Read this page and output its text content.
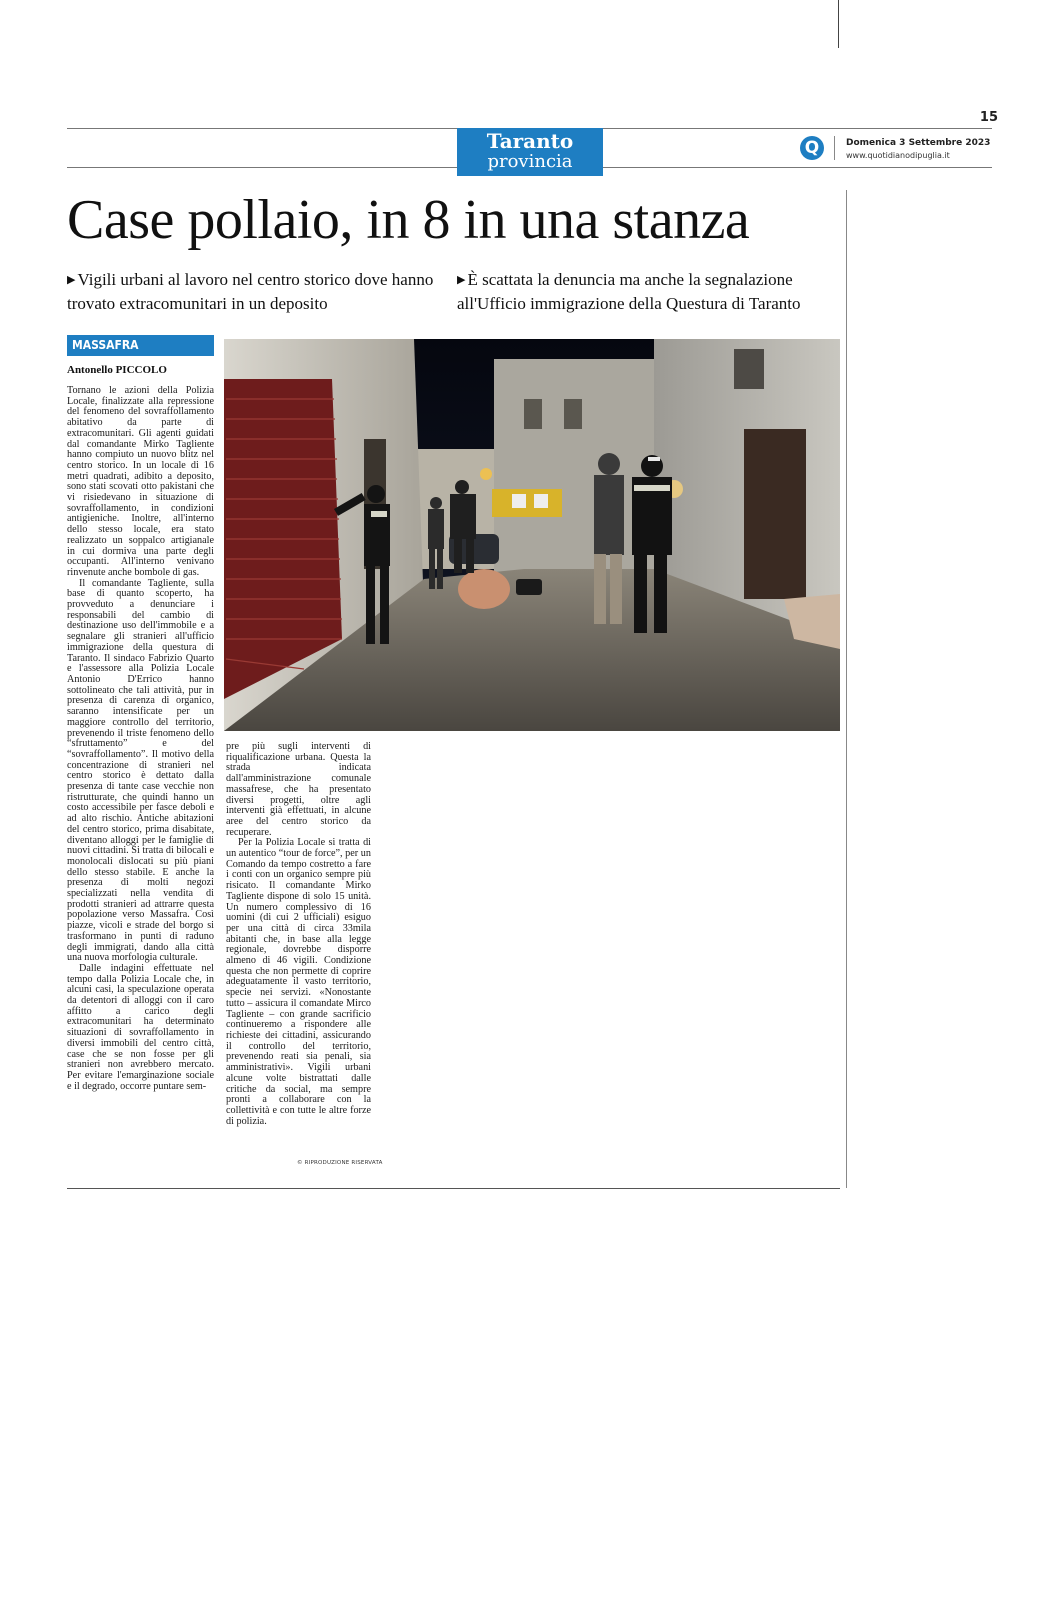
15
Taranto
provincia
Q	Domenica 3 Settembre 2023
www.quotidianodipuglia.it
Case pollaio, in 8 in una stanza
▶ Vigili urbani al lavoro nel centro storico dove hanno trovato extracomunitari in un deposito
▶ È scattata la denuncia ma anche la segnalazione all'Ufficio immigrazione della Questura di Taranto
MASSAFRA
Antonello PICCOLO

Tornano le azioni della Polizia Locale, finalizzate alla repressione del fenomeno del sovraffollamento abitativo da parte di extracomunitari. Gli agenti guidati dal comandante Mirko Tagliente hanno compiuto un nuovo blitz nel centro storico. In un locale di 16 metri quadrati, adibito a deposito, sono stati scovati otto pakistani che vi risiedevano in situazione di sovraffollamento, in condizioni antigieniche. Inoltre, all'interno dello stesso locale, era stato realizzato un soppalco artigianale in cui dormiva una parte degli occupanti. All'interno venivano rinvenute anche bombole di gas.

Il comandante Tagliente, sulla base di quanto scoperto, ha provveduto a denunciare i responsabili del cambio di destinazione uso dell'immobile e a segnalare gli stranieri all'ufficio immigrazione della questura di Taranto. Il sindaco Fabrizio Quarto e l'assessore alla Polizia Locale Antonio D'Errico hanno sottolineato che tali attività, pur in presenza di carenza di organico, saranno intensificate per un maggiore controllo del territorio, prevenendo il triste fenomeno dello “sfruttamento” e del “sovraffollamento”. Il motivo della concentrazione di stranieri nel centro storico è dettato dalla presenza di tante case vecchie non ristrutturate, che quindi hanno un costo accessibile per fasce deboli e ad alto rischio. Antiche abitazioni del centro storico, prima disabitate, diventano alloggi per le famiglie di nuovi cittadini. Si tratta di bilocali e monolocali dislocati su più piani dello stesso stabile. E anche la presenza di molti negozi specializzati nella vendita di prodotti stranieri ad attrarre questa popolazione verso Massafra. Così piazze, vicoli e strade del borgo si trasformano in punti di raduno degli immigrati, dando alla città una nuova morfologia culturale.

Dalle indagini effettuate nel tempo dalla Polizia Locale che, in alcuni casi, la speculazione operata da detentori di alloggi con il caro affitto a carico degli extracomunitari ha determinato situazioni di sovraffollamento in diversi immobili del centro città, case che se non fosse per gli stranieri non avrebbero mercato. Per evitare l'emarginazione sociale e il degrado, occorre puntare sem-

pre più sugli interventi di riqualificazione urbana. Questa la strada indicata dall'amministrazione comunale massafrese, che ha presentato diversi progetti, oltre agli interventi già effettuati, in alcune aree del centro storico da recuperare.

Per la Polizia Locale si tratta di un autentico “tour de force”, per un Comando da tempo costretto a fare i conti con un organico sempre più risicato. Il comandante Mirko Tagliente dispone di solo 15 unità. Un numero complessivo di 16 uomini (di cui 2 ufficiali) esiguo per una città di circa 33mila abitanti che, in base alla legge regionale, dovrebbe disporre almeno di 46 vigili. Condizione questa che non permette di coprire adeguatamente il vasto territorio, specie nei servizi. «Nonostante tutto – assicura il comandate Mirco Tagliente – con grande sacrificio continueremo a rispondere alle richieste dei cittadini, assicurando il controllo del territorio, prevenendo reati sia penali, sia amministrativi». Vigili urbani alcune volte bistrattati dalle critiche da social, ma sempre pronti a collaborare con la collettività e con tutte le altre forze di polizia.

© RIPRODUZIONE RISERVATA
